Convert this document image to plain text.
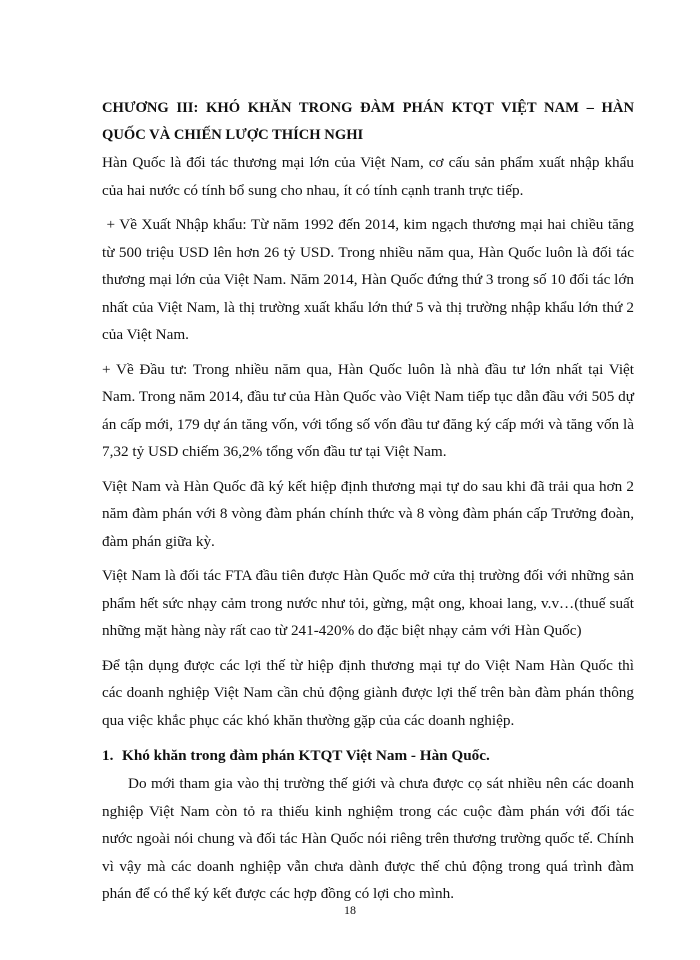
CHƯƠNG III: KHÓ KHĂN TRONG ĐÀM PHÁN KTQT VIỆT NAM – HÀN QUỐC VÀ CHIẾN LƯỢC THÍCH NGHI

Hàn Quốc là đối tác thương mại lớn của Việt Nam, cơ cấu sản phẩm xuất nhập khẩu của hai nước có tính bổ sung cho nhau, ít có tính cạnh tranh trực tiếp.

+ Về Xuất Nhập khẩu: Từ năm 1992 đến 2014, kim ngạch thương mại hai chiều tăng từ 500 triệu USD lên hơn 26 tỷ USD. Trong nhiều năm qua, Hàn Quốc luôn là đối tác thương mại lớn của Việt Nam. Năm 2014, Hàn Quốc đứng thứ 3 trong số 10 đối tác lớn nhất của Việt Nam, là thị trường xuất khẩu lớn thứ 5 và thị trường nhập khẩu lớn thứ 2 của Việt Nam.

+ Về Đầu tư: Trong nhiều năm qua, Hàn Quốc luôn là nhà đầu tư lớn nhất tại Việt Nam. Trong năm 2014, đầu tư của Hàn Quốc vào Việt Nam tiếp tục dẫn đầu với 505 dự án cấp mới, 179 dự án tăng vốn, với tổng số vốn đầu tư đăng ký cấp mới và tăng vốn là 7,32 tỷ USD chiếm 36,2% tổng vốn đầu tư tại Việt Nam.

Việt Nam và Hàn Quốc đã ký kết hiệp định thương mại tự do sau khi đã trải qua hơn 2 năm đàm phán với 8 vòng đàm phán chính thức và 8 vòng đàm phán cấp Trưởng đoàn, đàm phán giữa kỳ.

Việt Nam là đối tác FTA đầu tiên được Hàn Quốc mở cửa thị trường đối với những sản phẩm hết sức nhạy cảm trong nước như tỏi, gừng, mật ong, khoai lang, v.v…(thuế suất những mặt hàng này rất cao từ 241-420% do đặc biệt nhạy cảm với Hàn Quốc)

Để tận dụng được các lợi thế từ hiệp định thương mại tự do Việt Nam Hàn Quốc thì các doanh nghiệp Việt Nam cần chủ động giành được lợi thế trên bàn đàm phán thông qua việc khắc phục các khó khăn thường gặp của các doanh nghiệp.

1. Khó khăn trong đàm phán KTQT Việt Nam - Hàn Quốc.

Do mới tham gia vào thị trường thế giới và chưa được cọ sát nhiều nên các doanh nghiệp Việt Nam còn tỏ ra thiếu kinh nghiệm trong các cuộc đàm phán với đối tác nước ngoài nói chung và đối tác Hàn Quốc nói riêng trên thương trường quốc tế. Chính vì vậy mà các doanh nghiệp vẫn chưa dành được thế chủ động trong quá trình đàm phán để có thể ký kết được các hợp đồng có lợi cho mình.

18
